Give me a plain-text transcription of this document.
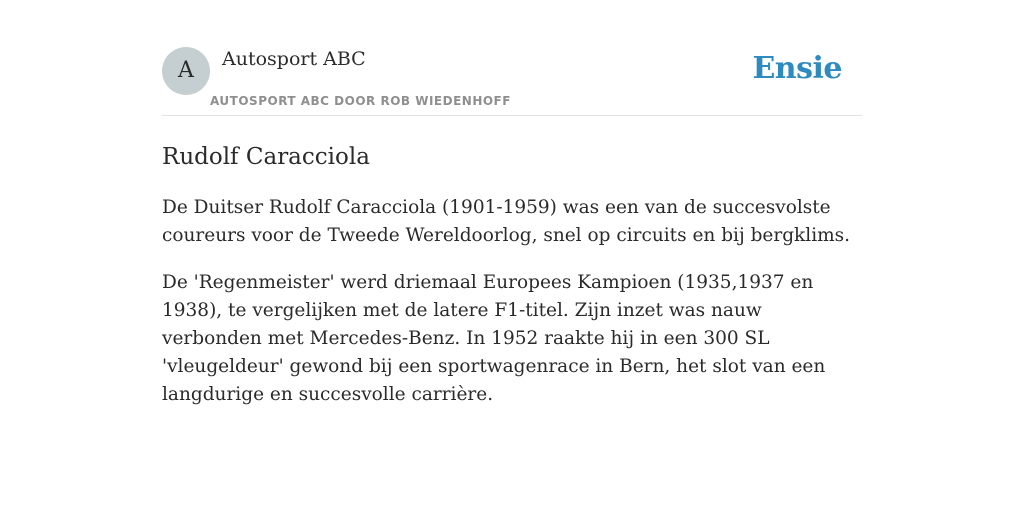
A	Autosport ABC
AUTOSPORT ABC DOOR ROB WIEDENHOFF
Ensie
Rudolf Caracciola

De Duitser Rudolf Caracciola (1901-1959) was een van de succesvolste coureurs voor de Tweede Wereldoorlog, snel op circuits en bij bergklims.

De 'Regenmeister' werd driemaal Europees Kampioen (1935,1937 en 1938), te vergelijken met de latere F1-titel. Zijn inzet was nauw verbonden met Mercedes-Benz. In 1952 raakte hij in een 300 SL 'vleugeldeur' gewond bij een sportwagenrace in Bern, het slot van een langdurige en succesvolle carrière.
